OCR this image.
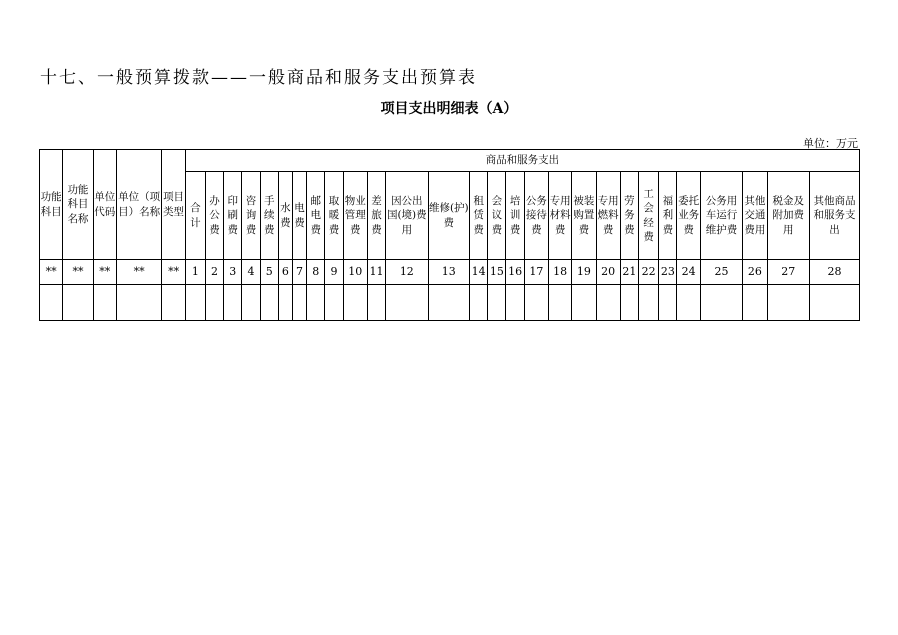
十七、一般预算拨款——一般商品和服务支出预算表
项目支出明细表（A）
单位：万元
功能科目	功能科目名称	单位代码	单位（项目）名称	项目类型	商品和服务支出																											
					合计	办公费	印刷费	咨询费	手续费	水费	电费	邮电费	取暖费	物业管理费	差旅费	因公出国(境)费用	维修(护)费	租赁费	会议费	培训费	公务接待费	专用材料费	被装购置费	专用燃料费	劳务费	工会经费	福利费	委托业务费	公务用车运行维护费	其他交通费用	税金及附加费用	其他商品和服务支出
**	**	**	**	**	1	2	3	4	5	6	7	8	9	10	11	12	13	14	15	16	17	18	19	20	21	22	23	24	25	26	27	28
